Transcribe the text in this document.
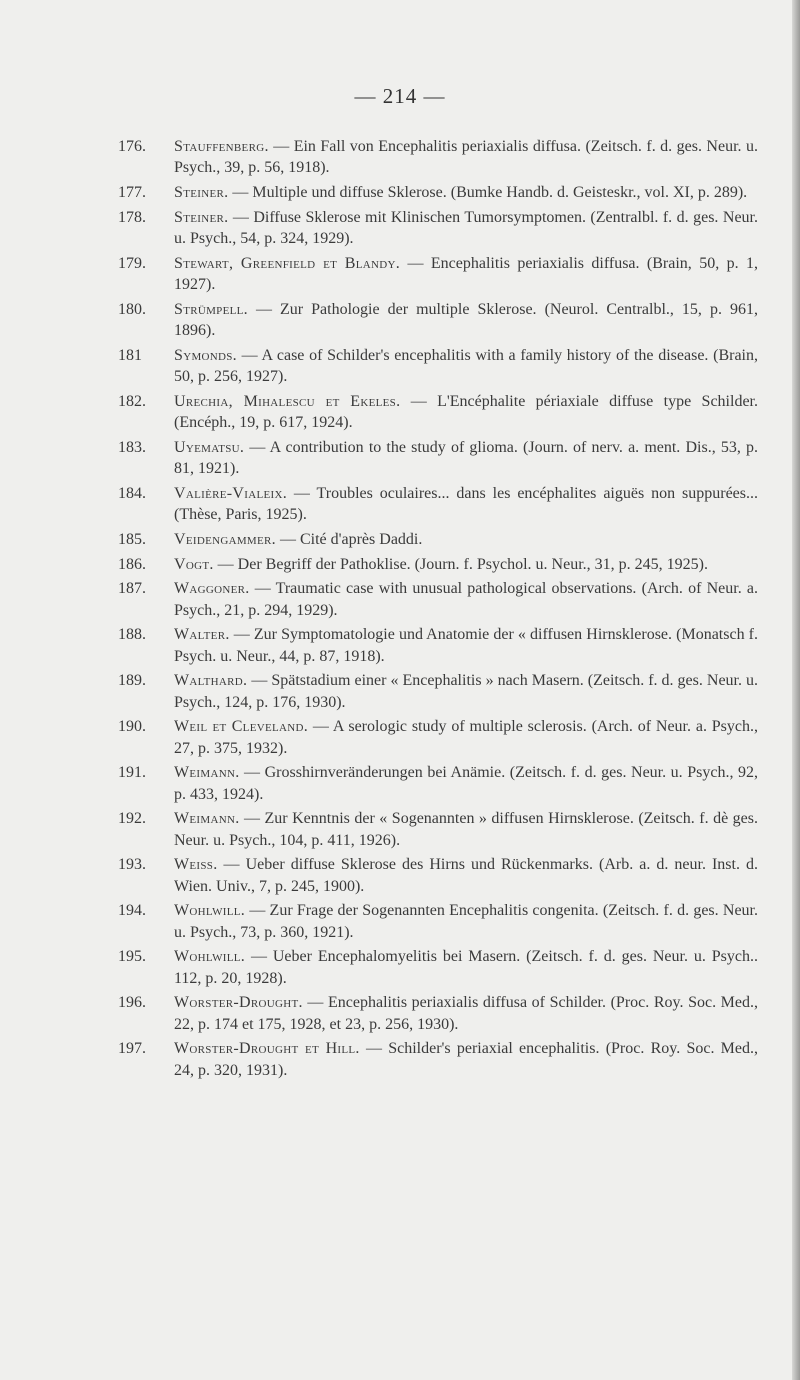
— 214 —
176. Stauffenberg. — Ein Fall von Encephalitis periaxialis diffusa. (Zeitsch. f. d. ges. Neur. u. Psych., 39, p. 56, 1918).
177. Steiner. — Multiple und diffuse Sklerose. (Bumke Handb. d. Geisteskr., vol. XI, p. 289).
178. Steiner. — Diffuse Sklerose mit Klinischen Tumorsymptomen. (Zentralbl. f. d. ges. Neur. u. Psych., 54, p. 324, 1929).
179. Stewart, Greenfield et Blandy. — Encephalitis periaxialis diffusa. (Brain, 50, p. 1, 1927).
180. Strümpell. — Zur Pathologie der multiple Sklerose. (Neurol. Centralbl., 15, p. 961, 1896).
181 Symonds. — A case of Schilder's encephalitis with a family history of the disease. (Brain, 50, p. 256, 1927).
182. Urechia, Mihalescu et Ekeles. — L'Encéphalite périaxiale diffuse type Schilder. (Encéph., 19, p. 617, 1924).
183. Uyematsu. — A contribution to the study of glioma. (Journ. of nerv. a. ment. Dis., 53, p. 81, 1921).
184. Valière-Vialeix. — Troubles oculaires... dans les encéphalites aiguës non suppurées... (Thèse, Paris, 1925).
185. Veidengammer. — Cité d'après Daddi.
186. Vogt. — Der Begriff der Pathoklise. (Journ. f. Psychol. u. Neur., 31, p. 245, 1925).
187. Waggoner. — Traumatic case with unusual pathological observations. (Arch. of Neur. a. Psych., 21, p. 294, 1929).
188. Walter. — Zur Symptomatologie und Anatomie der « diffusen Hirnsklerose. (Monatsch f. Psych. u. Neur., 44, p. 87, 1918).
189. Walthard. — Spätstadium einer « Encephalitis » nach Masern. (Zeitsch. f. d. ges. Neur. u. Psych., 124, p. 176, 1930).
190. Weil et Cleveland. — A serologic study of multiple sclerosis. (Arch. of Neur. a. Psych., 27, p. 375, 1932).
191. Weimann. — Grosshirnveränderungen bei Anämie. (Zeitsch. f. d. ges. Neur. u. Psych., 92, p. 433, 1924).
192. Weimann. — Zur Kenntnis der « Sogenannten » diffusen Hirnsklerose. (Zeitsch. f. dè ges. Neur. u. Psych., 104, p. 411, 1926).
193. Weiss. — Ueber diffuse Sklerose des Hirns und Rückenmarks. (Arb. a. d. neur. Inst. d. Wien. Univ., 7, p. 245, 1900).
194. Wohlwill. — Zur Frage der Sogenannten Encephalitis congenita. (Zeitsch. f. d. ges. Neur. u. Psych., 73, p. 360, 1921).
195. Wohlwill. — Ueber Encephalomyelitis bei Masern. (Zeitsch. f. d. ges. Neur. u. Psych.. 112, p. 20, 1928).
196. Worster-Drought. — Encephalitis periaxialis diffusa of Schilder. (Proc. Roy. Soc. Med., 22, p. 174 et 175, 1928, et 23, p. 256, 1930).
197. Worster-Drought et Hill. — Schilder's periaxial encephalitis. (Proc. Roy. Soc. Med., 24, p. 320, 1931).
